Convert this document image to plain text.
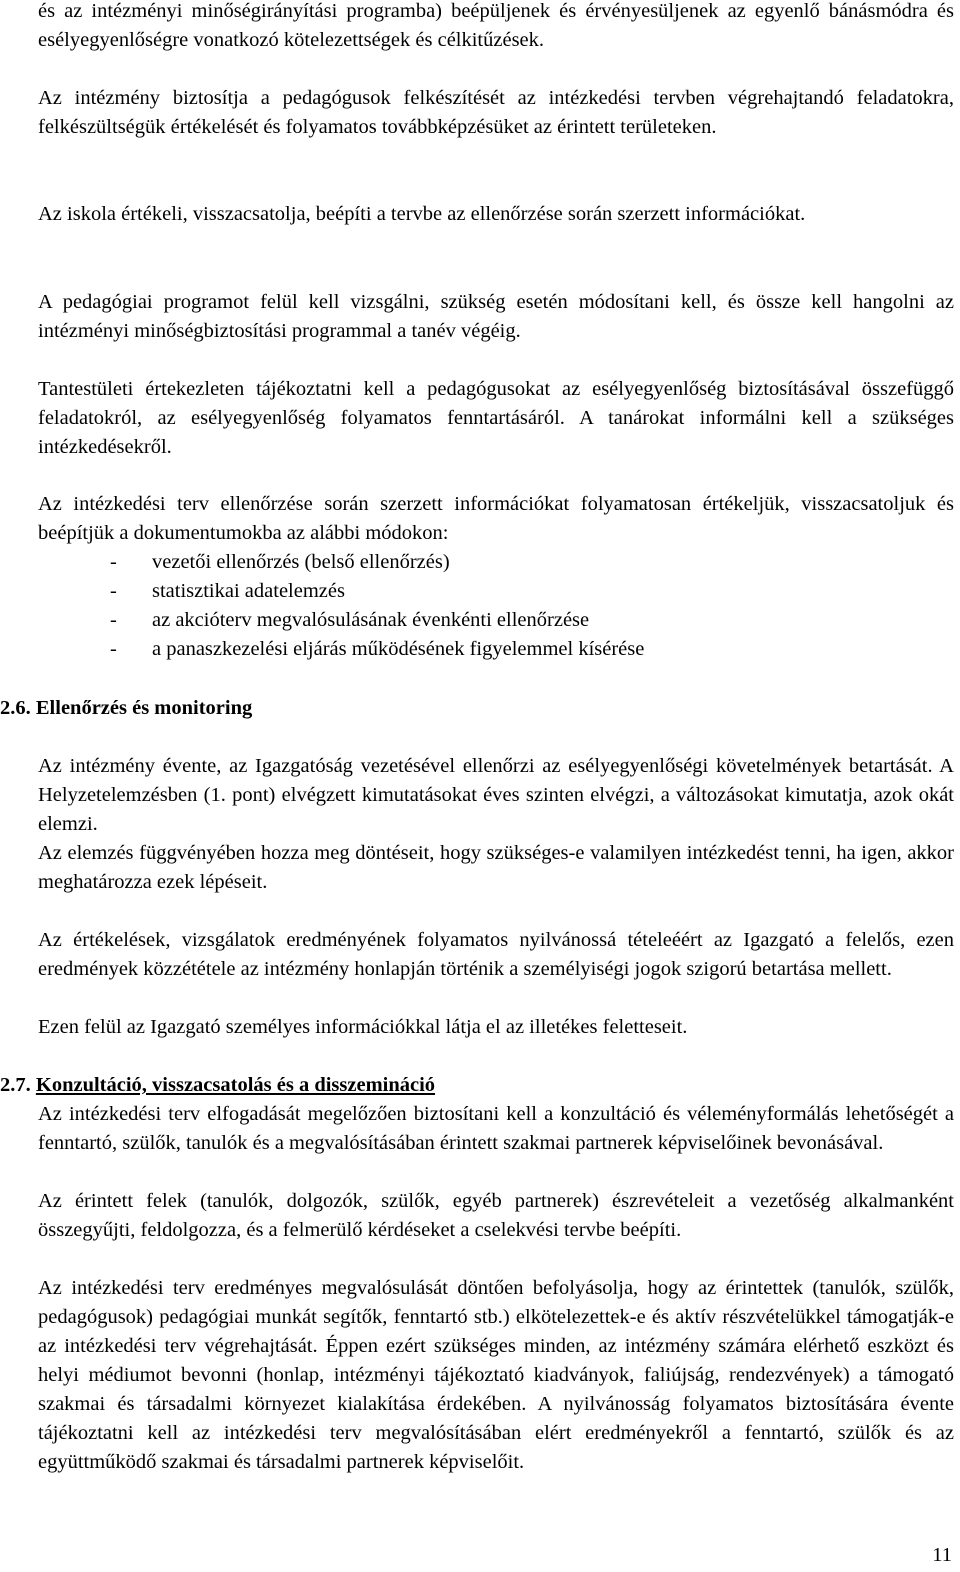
és az intézményi minőségirányítási programba) beépüljenek és érvényesüljenek az egyenlő bánásmódra és esélyegyenlőségre vonatkozó kötelezettségek és célkitűzések.

Az intézmény biztosítja a pedagógusok felkészítését az intézkedési tervben végrehajtandó feladatokra, felkészültségük értékelését és folyamatos továbbképzésüket az érintett területeken.

Az iskola értékeli, visszacsatolja, beépíti a tervbe az ellenőrzése során szerzett információkat.

A pedagógiai programot felül kell vizsgálni, szükség esetén módosítani kell, és össze kell hangolni az intézményi minőségbiztosítási programmal a tanév végéig.

Tantestületi értekezleten tájékoztatni kell a pedagógusokat az esélyegyenlőség biztosításával összefüggő feladatokról, az esélyegyenlőség folyamatos fenntartásáról. A tanárokat informálni kell a szükséges intézkedésekről.

Az intézkedési terv ellenőrzése során szerzett információkat folyamatosan értékeljük, visszacsatoljuk és beépítjük a dokumentumokba az alábbi módokon:

- vezetői ellenőrzés (belső ellenőrzés)
- statisztikai adatelemzés
- az akcióterv megvalósulásának évenkénti ellenőrzése
- a panaszkezelési eljárás működésének figyelemmel kísérése

2.6. Ellenőrzés és monitoring

Az intézmény évente, az Igazgatóság vezetésével ellenőrzi az esélyegyenlőségi követelmények betartását. A Helyzetelemzésben (1. pont) elvégzett kimutatásokat éves szinten elvégzi, a változásokat kimutatja, azok okát elemzi.

Az elemzés függvényében hozza meg döntéseit, hogy szükséges-e valamilyen intézkedést tenni, ha igen, akkor meghatározza ezek lépéseit.

Az értékelések, vizsgálatok eredményének folyamatos nyilvánossá tételeéért az Igazgató a felelős, ezen eredmények közzététele az intézmény honlapján történik a személyiségi jogok szigorú betartása mellett.

Ezen felül az Igazgató személyes információkkal látja el az illetékes feletteseit.

2.7. Konzultáció, visszacsatolás és a disszemináció

Az intézkedési terv elfogadását megelőzően biztosítani kell a konzultáció és véleményformálás lehetőségét a fenntartó, szülők, tanulók és a megvalósításában érintett szakmai partnerek képviselőinek bevonásával.

Az érintett felek (tanulók, dolgozók, szülők, egyéb partnerek) észrevételeit a vezetőség alkalmanként összegyűjti, feldolgozza, és a felmerülő kérdéseket a cselekvési tervbe beépíti.

Az intézkedési terv eredményes megvalósulását döntően befolyásolja, hogy az érintettek (tanulók, szülők, pedagógusok) pedagógiai munkát segítők, fenntartó stb.) elkötelezettek-e és aktív részvételükkel támogatják-e az intézkedési terv végrehajtását. Éppen ezért szükséges minden, az intézmény számára elérhető eszközt és helyi médiumot bevonni (honlap, intézményi tájékoztató kiadványok, faliújság, rendezvények) a támogató szakmai és társadalmi környezet kialakítása érdekében. A nyilvánosság folyamatos biztosítására évente tájékoztatni kell az intézkedési terv megvalósításában elért eredményekről a fenntartó, szülők és az együttműködő szakmai és társadalmi partnerek képviselőit.

11
